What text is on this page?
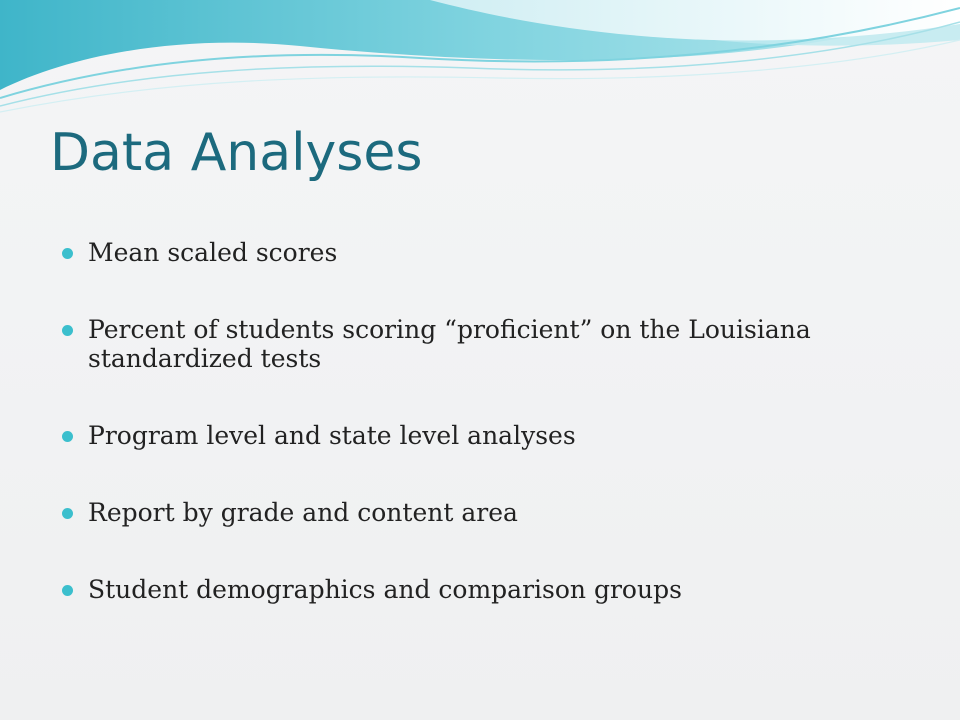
Data Analyses
Mean scaled scores
Percent of students scoring “proficient” on the Louisiana standardized tests
Program level and state level analyses
Report by grade and content area
Student demographics and comparison groups
